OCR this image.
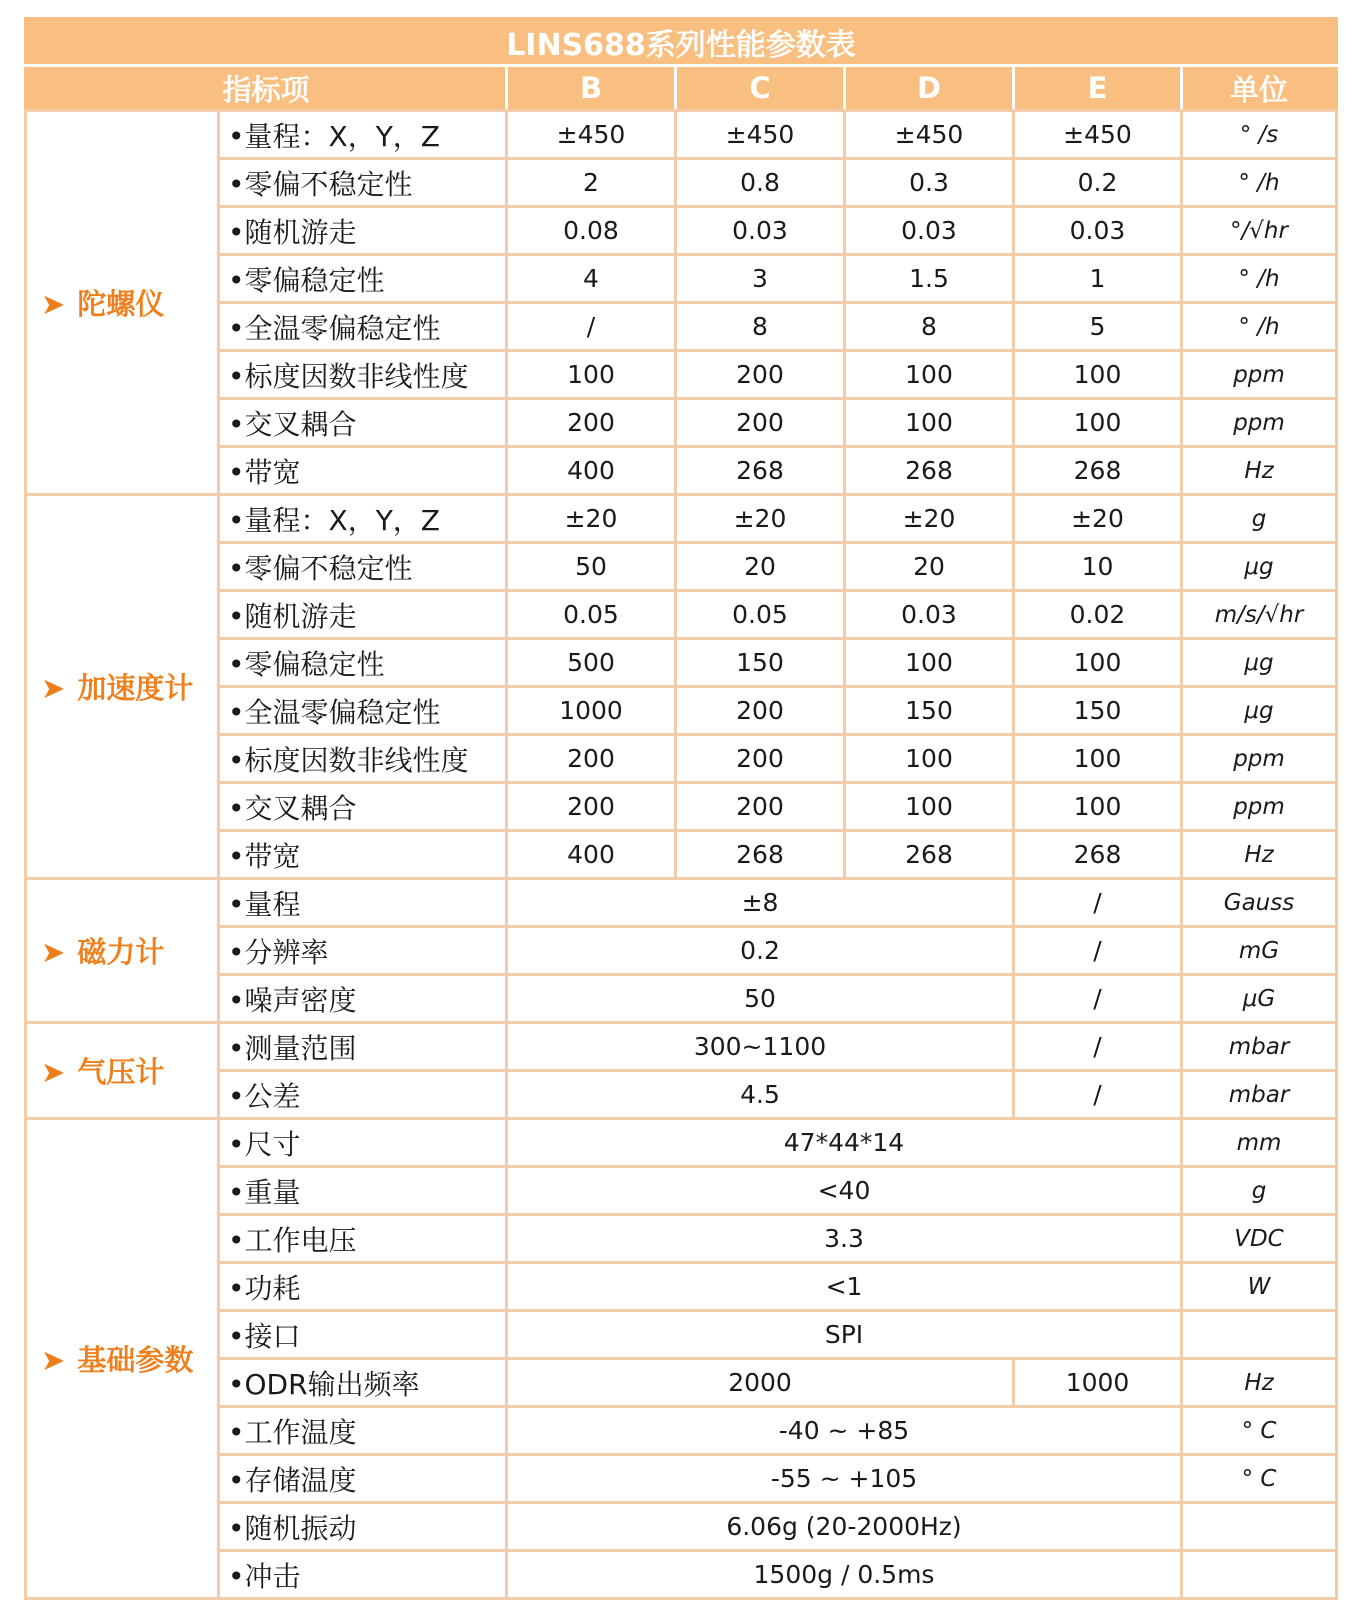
LINS688系列性能参数表						
指标项		B	C	D	E	单位
➤ 陀螺仪	•量程：X，Y，Z	±450	±450	±450	±450	° /s
	•零偏不稳定性	2	0.8	0.3	0.2	° /h
	•随机游走	0.08	0.03	0.03	0.03	°/√hr
	•零偏稳定性	4	3	1.5	1	° /h
	•全温零偏稳定性	/	8	8	5	° /h
	•标度因数非线性度	100	200	100	100	ppm
	•交叉耦合	200	200	100	100	ppm
	•带宽	400	268	268	268	Hz
➤ 加速度计	•量程：X，Y，Z	±20	±20	±20	±20	g
	•零偏不稳定性	50	20	20	10	μg
	•随机游走	0.05	0.05	0.03	0.02	m/s/√hr
	•零偏稳定性	500	150	100	100	μg
	•全温零偏稳定性	1000	200	150	150	μg
	•标度因数非线性度	200	200	100	100	ppm
	•交叉耦合	200	200	100	100	ppm
	•带宽	400	268	268	268	Hz
➤ 磁力计	•量程	±8			/	Gauss
	•分辨率	0.2			/	mG
	•噪声密度	50			/	μG
➤ 气压计	•测量范围	300~1100			/	mbar
	•公差	4.5			/	mbar
➤ 基础参数	•尺寸	47*44*14				mm
	•重量	<40				g
	•工作电压	3.3				VDC
	•功耗	<1				W
	•接口	SPI				
	•ODR输出频率	2000			1000	Hz
	•工作温度	-40 ~ +85				° C
	•存储温度	-55 ~ +105				° C
	•随机振动	6.06g (20-2000Hz)				
	•冲击	1500g / 0.5ms				
